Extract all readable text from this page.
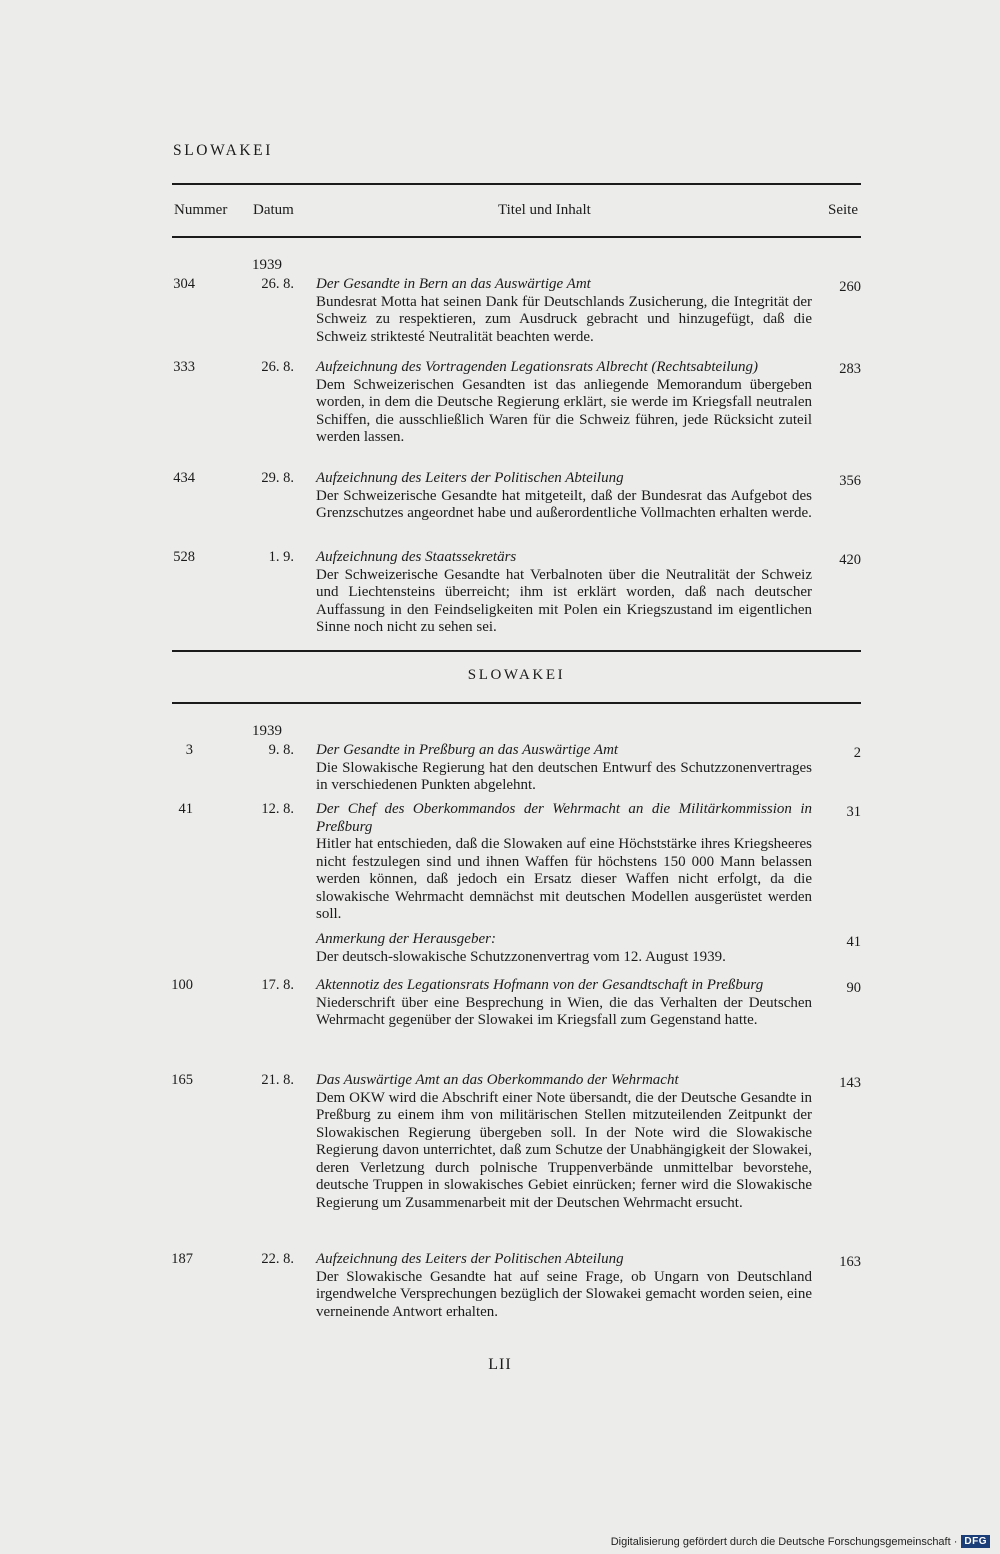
SLOWAKEI
Nummer Datum	Titel und Inhalt	Seite
1939
304	26. 8. Der Gesandte in Bern an das Auswärtige Amt
Bundesrat Motta hat seinen Dank für Deutschlands Zusicherung, die Integrität der Schweiz zu respektieren, zum Ausdruck gebracht und hinzugefügt, daß die Schweiz striktesté Neutralität beachten werde.
260
333	26. 8. Aufzeichnung des Vortragenden Legationsrats Albrecht (Rechtsabteilung)
Dem Schweizerischen Gesandten ist das anliegende Memorandum übergeben worden, in dem die Deutsche Regierung erklärt, sie werde im Kriegsfall neutralen Schiffen, die ausschließlich Waren für die Schweiz führen, jede Rücksicht zuteil werden lassen.
283
434	29. 8. Aufzeichnung des Leiters der Politischen Abteilung
Der Schweizerische Gesandte hat mitgeteilt, daß der Bundesrat das Aufgebot des Grenzschutzes angeordnet habe und außerordentliche Vollmachten erhalten werde.
356
528	1. 9. Aufzeichnung des Staatssekretärs
Der Schweizerische Gesandte hat Verbalnoten über die Neutralität der Schweiz und Liechtensteins überreicht; ihm ist erklärt worden, daß nach deutscher Auffassung in den Feindseligkeiten mit Polen ein Kriegszustand im eigentlichen Sinne noch nicht zu sehen sei.
420
SLOWAKEI
1939
3	9. 8. Der Gesandte in Preßburg an das Auswärtige Amt
Die Slowakische Regierung hat den deutschen Entwurf des Schutzzonenvertrages in verschiedenen Punkten abgelehnt.
2
41	12. 8. Der Chef des Oberkommandos der Wehrmacht an die Militärkommission in Preßburg
Hitler hat entschieden, daß die Slowaken auf eine Höchststärke ihres Kriegsheeres nicht festzulegen sind und ihnen Waffen für höchstens 150 000 Mann belassen werden können, daß jedoch ein Ersatz dieser Waffen nicht erfolgt, da die slowakische Wehrmacht demnächst mit deutschen Modellen ausgerüstet werden soll.
31
Anmerkung der Herausgeber:
Der deutsch-slowakische Schutzzonenvertrag vom 12. August 1939.
41
100	17. 8. Aktennotiz des Legationsrats Hofmann von der Gesandtschaft in Preßburg
Niederschrift über eine Besprechung in Wien, die das Verhalten der Deutschen Wehrmacht gegenüber der Slowakei im Kriegsfall zum Gegenstand hatte.
90
165	21. 8. Das Auswärtige Amt an das Oberkommando der Wehrmacht
Dem OKW wird die Abschrift einer Note übersandt, die der Deutsche Gesandte in Preßburg zu einem ihm von militärischen Stellen mitzuteilenden Zeitpunkt der Slowakischen Regierung übergeben soll. In der Note wird die Slowakische Regierung davon unterrichtet, daß zum Schutze der Unabhängigkeit der Slowakei, deren Verletzung durch polnische Truppenverbände unmittelbar bevorstehe, deutsche Truppen in slowakisches Gebiet einrücken; ferner wird die Slowakische Regierung um Zusammenarbeit mit der Deutschen Wehrmacht ersucht.
143
187	22. 8. Aufzeichnung des Leiters der Politischen Abteilung
Der Slowakische Gesandte hat auf seine Frage, ob Ungarn von Deutschland irgendwelche Versprechungen bezüglich der Slowakei gemacht worden seien, eine verneinende Antwort erhalten.
163
LII
Digitalisierung gefördert durch die Deutsche Forschungsgemeinschaft · DFG
